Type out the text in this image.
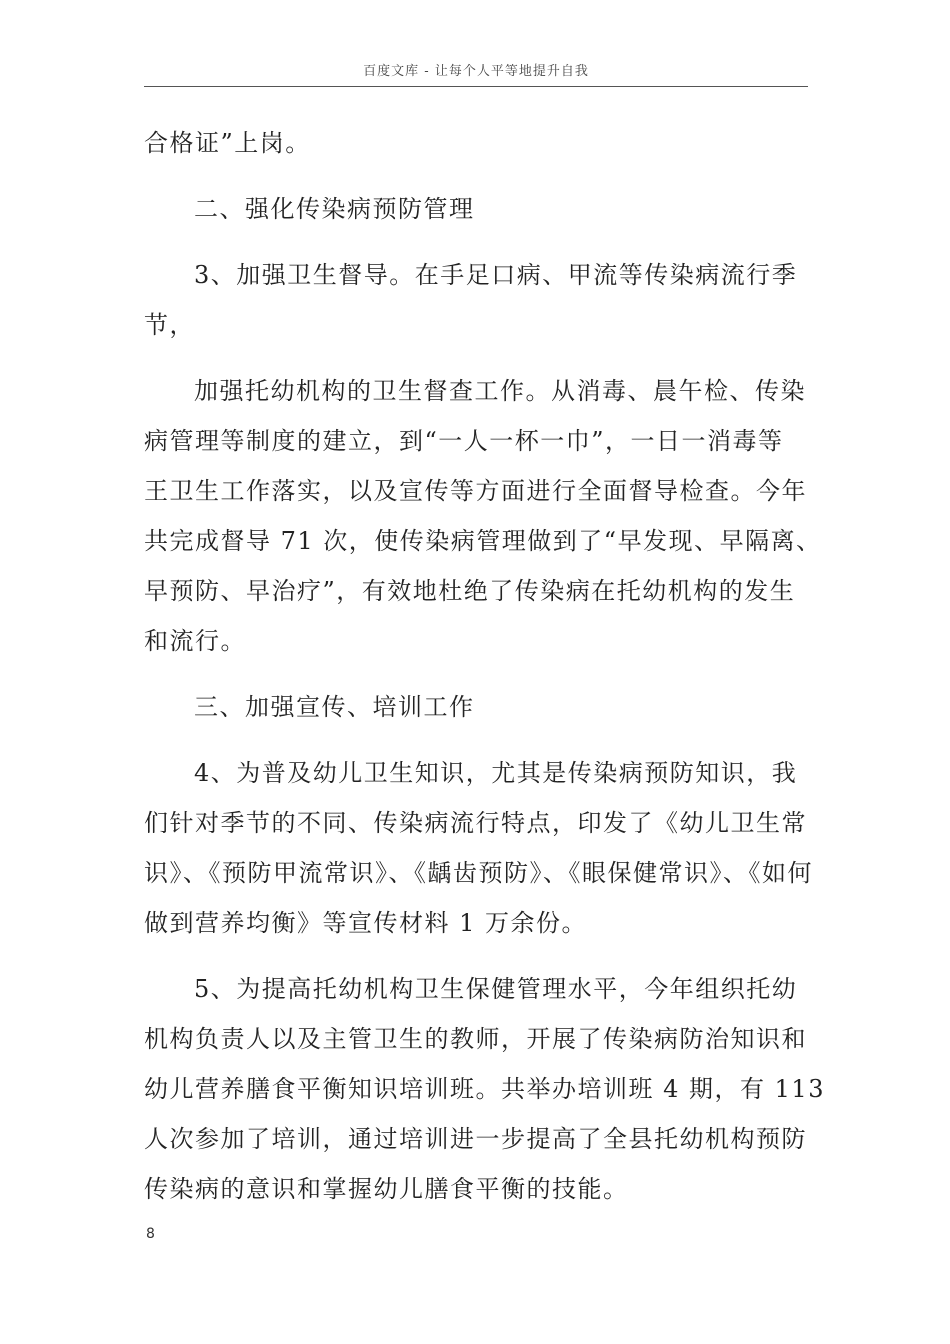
百度文库 - 让每个人平等地提升自我
合格证”上岗。
二、强化传染病预防管理
3、加强卫生督导。在手足口病、甲流等传染病流行季
节，
加强托幼机构的卫生督查工作。从消毒、晨午检、传染
病管理等制度的建立，到“一人一杯一巾”，一日一消毒等
王卫生工作落实，以及宣传等方面进行全面督导检查。今年
共完成督导 71 次，使传染病管理做到了“早发现、早隔离、
早预防、早治疗”，有效地杜绝了传染病在托幼机构的发生
和流行。
三、加强宣传、培训工作
4、为普及幼儿卫生知识，尤其是传染病预防知识，我
们针对季节的不同、传染病流行特点，印发了《幼儿卫生常
识》、《预防甲流常识》、《龋齿预防》、《眼保健常识》、《如何
做到营养均衡》等宣传材料 1 万余份。
5、为提高托幼机构卫生保健管理水平，今年组织托幼
机构负责人以及主管卫生的教师，开展了传染病防治知识和
幼儿营养膳食平衡知识培训班。共举办培训班 4 期，有 113
人次参加了培训，通过培训进一步提高了全县托幼机构预防
传染病的意识和掌握幼儿膳食平衡的技能。
8
